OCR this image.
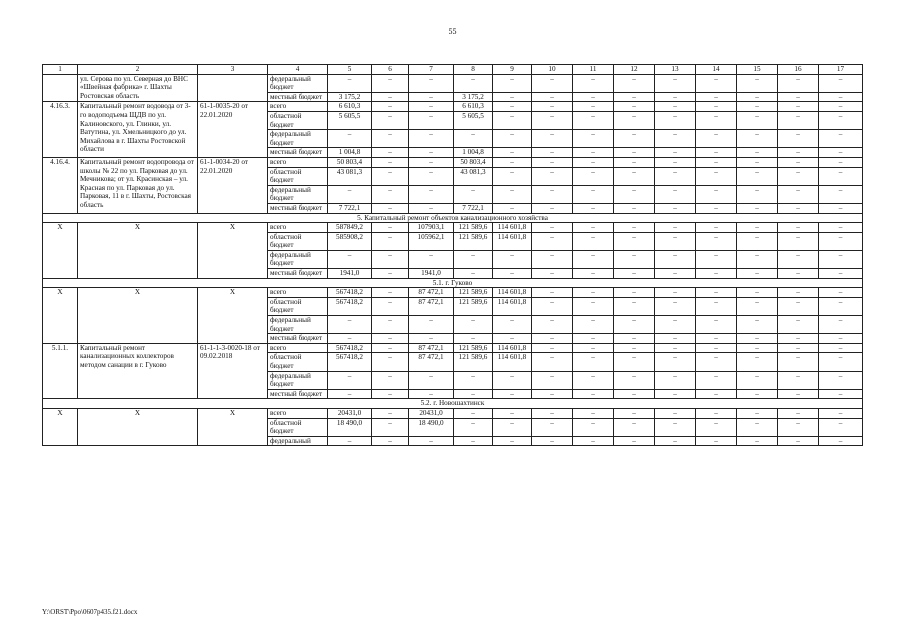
55
1	2	3	4	5	6	7	8	9	10	11	12	13	14	15	16	17
	ул. Серова по ул. Северная до ВНС «Швейная фабрика» г. Шахты Ростовская область		федеральный бюджет	–	–	–	–	–	–	–	–	–	–	–	–	–
			местный бюджет	3 175,2	–	–	3 175,2	–	–	–	–	–	–	–	–	–
4.16.3.	Капитальный ремонт водовода от 3-го водоподъема ЩДВ по ул. Калиновского, ул. Глинки, ул. Ватутина, ул. Хмельницкого до ул. Михайлова в г. Шахты Ростовской области	61-1-0035-20 от 22.01.2020	всего	6 610,3	–	–	6 610,3	–	–	–	–	–	–	–	–	–
			областной бюджет	5 605,5	–	–	5 605,5	–	–	–	–	–	–	–	–	–
			федеральный бюджет	–	–	–	–	–	–	–	–	–	–	–	–	–
			местный бюджет	1 004,8	–	–	1 004,8	–	–	–	–	–	–	–	–	–
4.16.4.	Капитальный ремонт водопровода от школы № 22 по ул. Парковая до ул. Мечникова; от ул. Красинская – ул. Красная по ул. Парковая до ул. Парковая, 11 в г. Шахты, Ростовская область	61-1-0034-20 от 22.01.2020	всего	50 803,4	–	–	50 803,4	–	–	–	–	–	–	–	–	–
			областной бюджет	43 081,3	–	–	43 081,3	–	–	–	–	–	–	–	–	–
			федеральный бюджет	–	–	–	–	–	–	–	–	–	–	–	–	–
			местный бюджет	7 722,1	–	–	7 722,1	–	–	–	–	–	–	–	–	–
5. Капитальный ремонт объектов канализационного хозяйства																
Х	Х	Х	всего	587849,2	–	107903,1	121 589,6	114 601,8	–	–	–	–	–	–	–	–
			областной бюджет	585908,2	–	105962,1	121 589,6	114 601,8	–	–	–	–	–	–	–	–
			федеральный бюджет	–	–	–	–	–	–	–	–	–	–	–	–	–
			местный бюджет	1941,0	–	1941,0	–	–	–	–	–	–	–	–	–	–
5.1. г. Гуково																
Х	Х	Х	всего	567418,2	–	87 472,1	121 589,6	114 601,8	–	–	–	–	–	–	–	–
			областной бюджет	567418,2	–	87 472,1	121 589,6	114 601,8	–	–	–	–	–	–	–	–
			федеральный бюджет	–	–	–	–	–	–	–	–	–	–	–	–	–
			местный бюджет	–	–	–	–	–	–	–	–	–	–	–	–	–
5.1.1.	Капитальный ремонт канализационных коллекторов методом санации в г. Гуково	61-1-1-3-0020-18 от 09.02.2018	всего	567418,2	–	87 472,1	121 589,6	114 601,8	–	–	–	–	–	–	–	–
			областной бюджет	567418,2	–	87 472,1	121 589,6	114 601,8	–	–	–	–	–	–	–	–
			федеральный бюджет	–	–	–	–	–	–	–	–	–	–	–	–	–
			местный бюджет	–	–	–	–	–	–	–	–	–	–	–	–	–
5.2. г. Новошахтинск																
Х	Х	Х	всего	20431,0	–	20431,0	–	–	–	–	–	–	–	–	–	–
			областной бюджет	18 490,0	–	18 490,0	–	–	–	–	–	–	–	–	–	–
			федеральный	–	–	–	–	–	–	–	–	–	–	–	–	–
Y:\ORST\Ppo\0607p435.f21.docx
